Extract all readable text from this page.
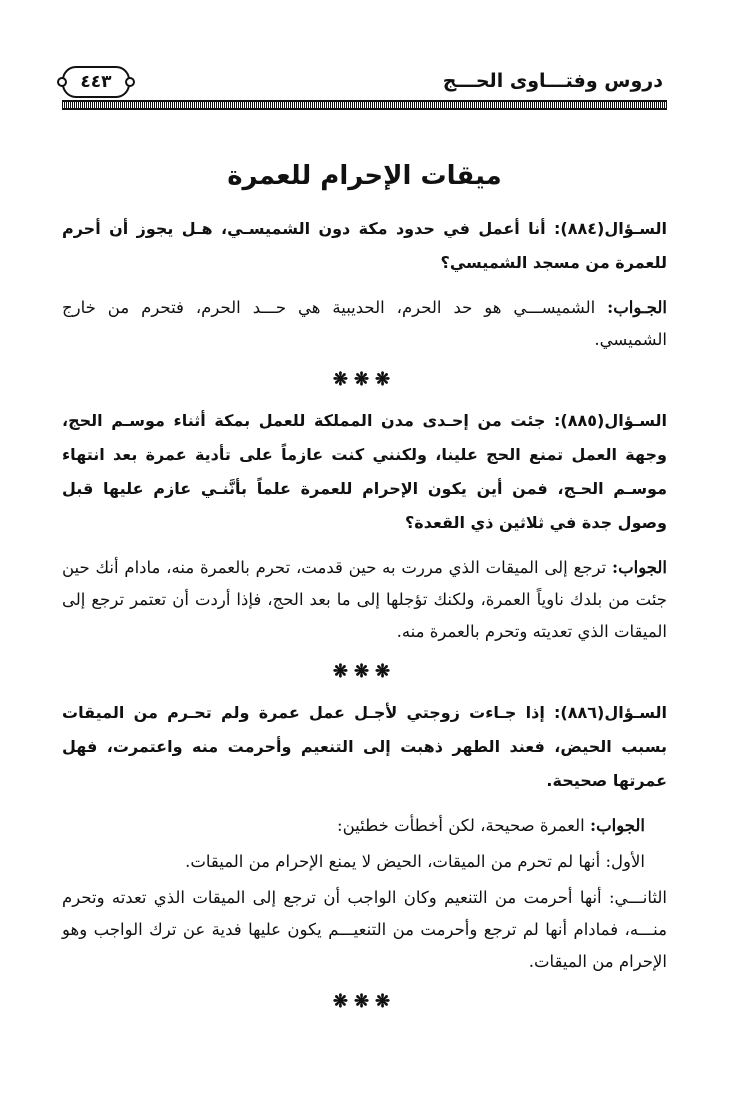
٤٤٣	دروس وفتـــاوى الحـــج
ميقات الإحرام للعمرة

السـؤال(٨٨٤): أنا أعمل في حدود مكة دون الشميسـي، هـل يجوز أن أحرم للعمرة من مسجد الشميسي؟

الجـواب: الشميســـي هو حد الحرم، الحديبية هي حـــد الحرم، فتحرم من خارج الشميسي.

❋❋❋

السـؤال(٨٨٥): جئت من إحـدى مدن المملكة للعمل بمكة أثناء موسـم الحج، وجهة العمل تمنع الحج علينا، ولكنني كنت عازماً على تأدية عمرة بعد انتهاء موسـم الحـج، فمن أين يكون الإحرام للعمرة علماً بأنَّنـي عازم عليها قبل وصول جدة في ثلاثين ذي القعدة؟

الجواب: ترجع إلى الميقات الذي مررت به حين قدمت، تحرم بالعمرة منه، مادام أنك حين جئت من بلدك ناوياً العمرة، ولكنك تؤجلها إلى ما بعد الحج، فإذا أردت أن تعتمر ترجع إلى الميقات الذي تعديته وتحرم بالعمرة منه.

❋❋❋

السـؤال(٨٨٦): إذا جـاءت زوجتي لأجـل عمل عمرة ولم تحـرم من الميقات بسبب الحيض، فعند الطهر ذهبت إلى التنعيم وأحرمت منه واعتمرت، فهل عمرتها صحيحة.

الجواب: العمرة صحيحة، لكن أخطأت خطئين:

الأول: أنها لم تحرم من الميقات، الحيض لا يمنع الإحرام من الميقات.

الثانـــي: أنها أحرمت من التنعيم وكان الواجب أن ترجع إلى الميقات الذي تعدته وتحرم منـــه، فمادام أنها لم ترجع وأحرمت من التنعيـــم يكون عليها فدية عن ترك الواجب وهو الإحرام من الميقات.

❋❋❋
